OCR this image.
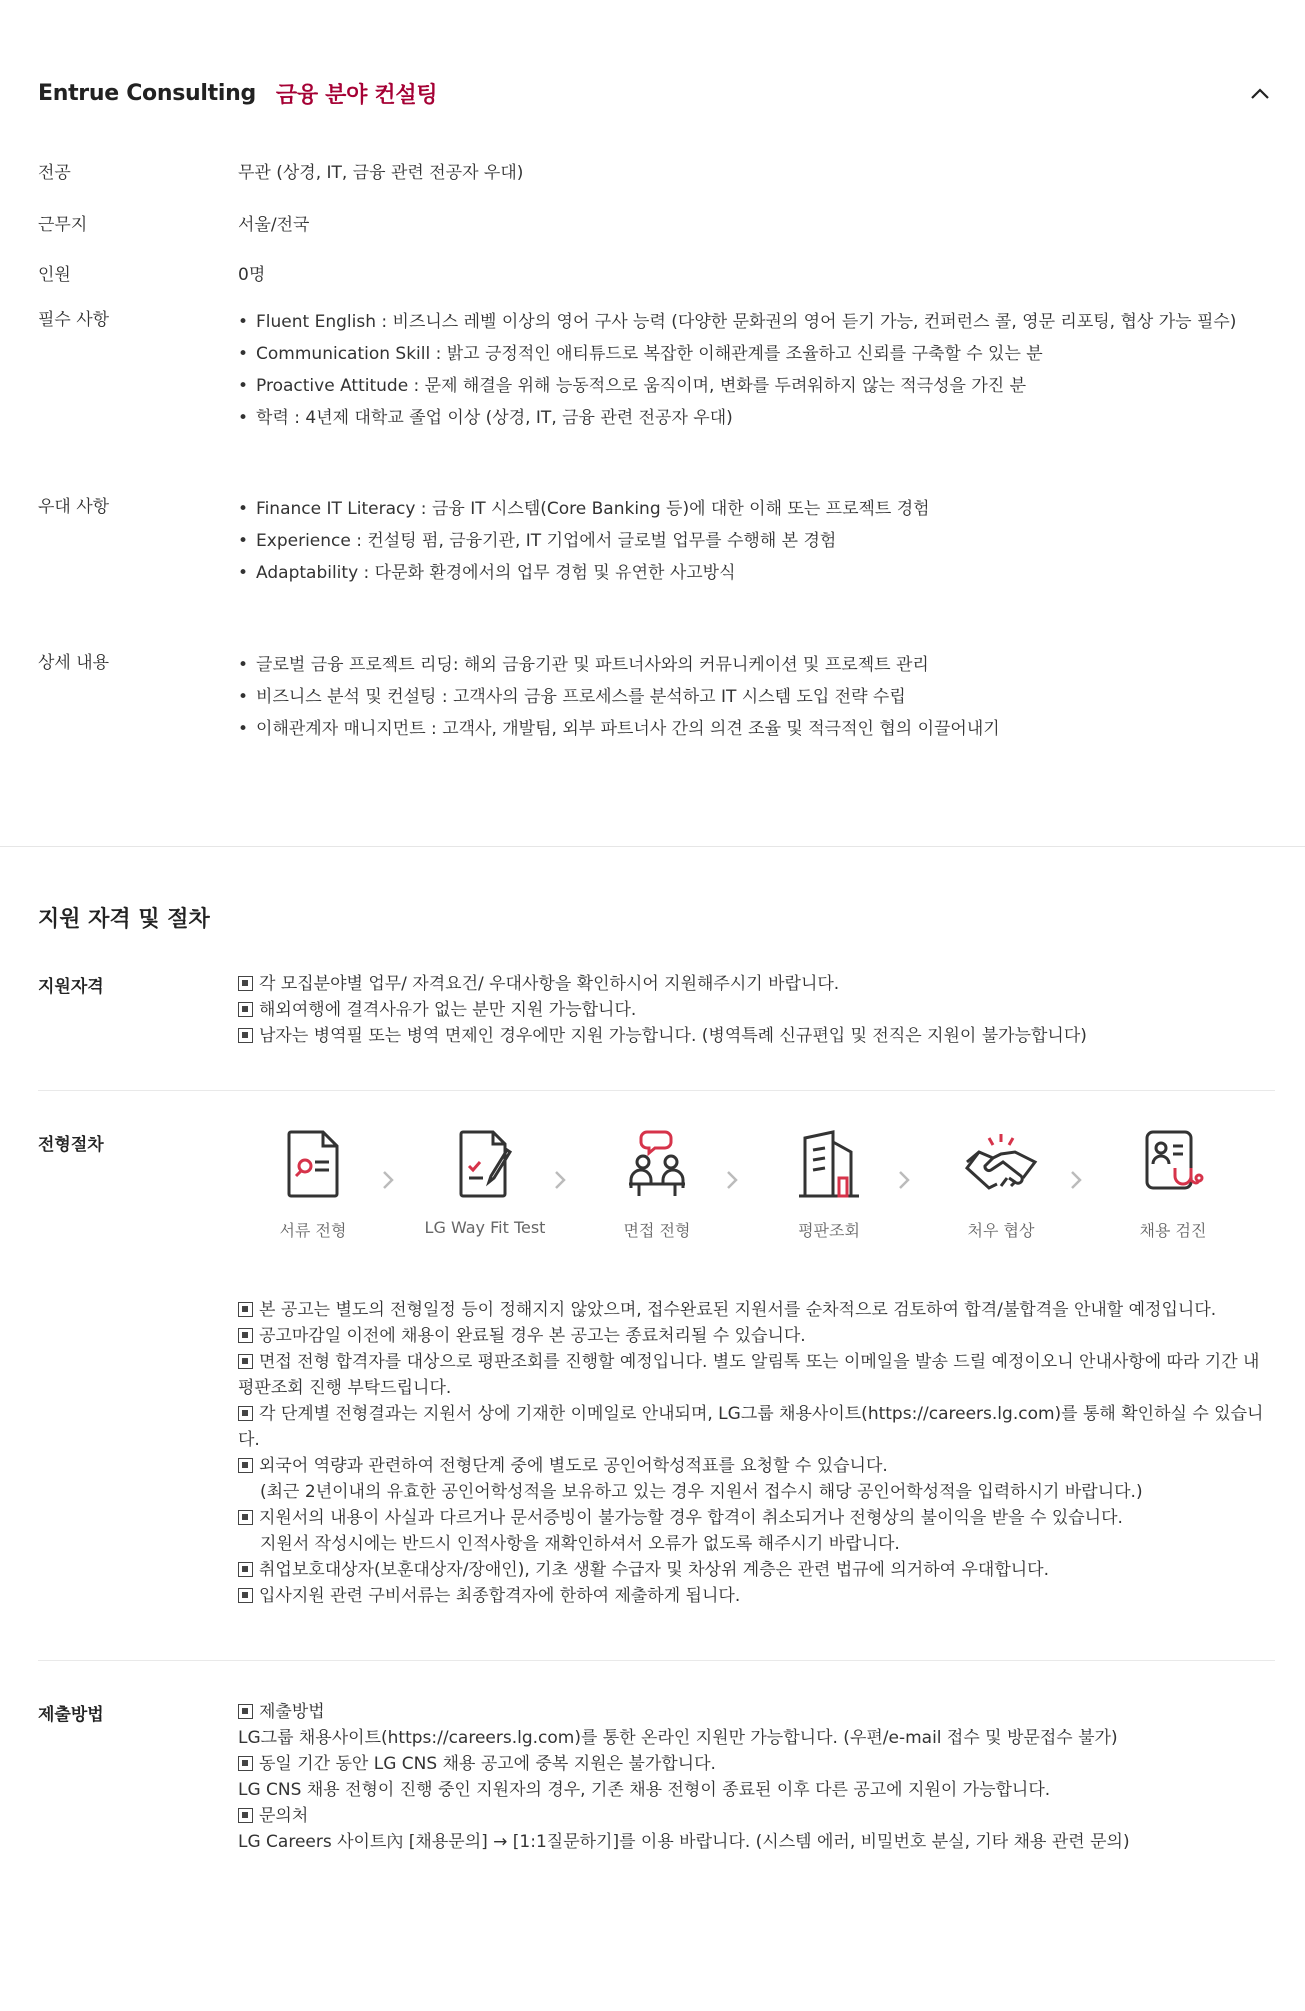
Entrue Consulting 금융 분야 컨설팅
전공	무관 (상경, IT, 금융 관련 전공자 우대)
근무지	서울/전국
인원	0명
필수 사항	• Fluent English : 비즈니스 레벨 이상의 영어 구사 능력 (다양한 문화권의 영어 듣기 가능, 컨퍼런스 콜, 영문 리포팅, 협상 가능 필수)
• Communication Skill : 밝고 긍정적인 애티튜드로 복잡한 이해관계를 조율하고 신뢰를 구축할 수 있는 분
• Proactive Attitude : 문제 해결을 위해 능동적으로 움직이며, 변화를 두려워하지 않는 적극성을 가진 분
• 학력 : 4년제 대학교 졸업 이상 (상경, IT, 금융 관련 전공자 우대)
우대 사항	• Finance IT Literacy : 금융 IT 시스템(Core Banking 등)에 대한 이해 또는 프로젝트 경험
• Experience : 컨설팅 펌, 금융기관, IT 기업에서 글로벌 업무를 수행해 본 경험
• Adaptability : 다문화 환경에서의 업무 경험 및 유연한 사고방식
상세 내용	• 글로벌 금융 프로젝트 리딩: 해외 금융기관 및 파트너사와의 커뮤니케이션 및 프로젝트 관리
• 비즈니스 분석 및 컨설팅 : 고객사의 금융 프로세스를 분석하고 IT 시스템 도입 전략 수립
• 이해관계자 매니지먼트 : 고객사, 개발팀, 외부 파트너사 간의 의견 조율 및 적극적인 협의 이끌어내기
지원 자격 및 절차
지원자격	각 모집분야별 업무/ 자격요건/ 우대사항을 확인하시어 지원해주시기 바랍니다.

해외여행에 결격사유가 없는 분만 지원 가능합니다.

남자는 병역필 또는 병역 면제인 경우에만 지원 가능합니다. (병역특례 신규편입 및 전직은 지원이 불가능합니다)

전형절차
서류 전형	LG Way Fit Test	면접 전형	평판조회	처우 협상	채용 검진

본 공고는 별도의 전형일정 등이 정해지지 않았으며, 접수완료된 지원서를 순차적으로 검토하여 합격/불합격을 안내할 예정입니다.

공고마감일 이전에 채용이 완료될 경우 본 공고는 종료처리될 수 있습니다.

면접 전형 합격자를 대상으로 평판조회를 진행할 예정입니다. 별도 알림톡 또는 이메일을 발송 드릴 예정이오니 안내사항에 따라 기간 내 평판조회 진행 부탁드립니다.

각 단계별 전형결과는 지원서 상에 기재한 이메일로 안내되며, LG그룹 채용사이트(https://careers.lg.com)를 통해 확인하실 수 있습니다.

외국어 역량과 관련하여 전형단계 중에 별도로 공인어학성적표를 요청할 수 있습니다.

(최근 2년이내의 유효한 공인어학성적을 보유하고 있는 경우 지원서 접수시 해당 공인어학성적을 입력하시기 바랍니다.)

지원서의 내용이 사실과 다르거나 문서증빙이 불가능할 경우 합격이 취소되거나 전형상의 불이익을 받을 수 있습니다.

지원서 작성시에는 반드시 인적사항을 재확인하셔서 오류가 없도록 해주시기 바랍니다.

취업보호대상자(보훈대상자/장애인), 기초 생활 수급자 및 차상위 계층은 관련 법규에 의거하여 우대합니다.

입사지원 관련 구비서류는 최종합격자에 한하여 제출하게 됩니다.

제출방법	제출방법

LG그룹 채용사이트(https://careers.lg.com)를 통한 온라인 지원만 가능합니다. (우편/e-mail 접수 및 방문접수 불가)

동일 기간 동안 LG CNS 채용 공고에 중복 지원은 불가합니다.

LG CNS 채용 전형이 진행 중인 지원자의 경우, 기존 채용 전형이 종료된 이후 다른 공고에 지원이 가능합니다.

문의처

LG Careers 사이트內 [채용문의] → [1:1질문하기]를 이용 바랍니다. (시스템 에러, 비밀번호 분실, 기타 채용 관련 문의)
